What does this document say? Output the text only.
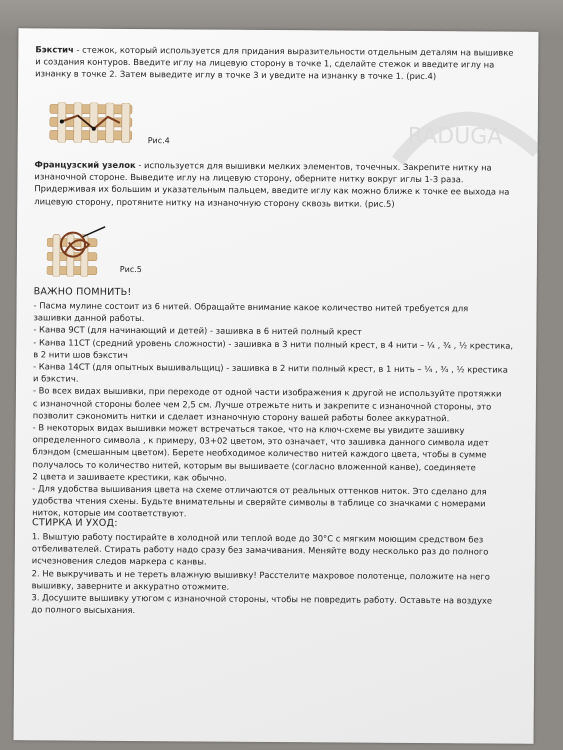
RADUGA
Бэкстич - стежок, который используется для придания выразительности отдельным деталям на вышивке
и создания контуров. Введите иглу на лицевую сторону в точке 1, сделайте стежок и введите иглу на
изнанку в точке 2. Затем выведите иглу в точке 3 и уведите на изнанку в точке 1. (рис.4)
Рис.4
Французский узелок - используется для вышивки мелких элементов, точечных. Закрепите нитку на
изнаночной стороне. Выведите иглу на лицевую сторону, оберните нитку вокруг иглы 1-3 раза.
Придерживая их большим и указательным пальцем, введите иглу как можно ближе к точке ее выхода на
лицевую сторону, протяните нитку на изнаночную сторону сквозь витки. (рис.5)
Рис.5
ВАЖНО ПОМНИТЬ!
- Пасма мулине состоит из 6 нитей. Обращайте внимание какое количество нитей требуется для
зашивки данной работы.
- Канва 9СТ (для начинающий и детей) - зашивка в 6 нитей полный крест
- Канва 11СТ (средний уровень сложности) - зашивка в 3 нити полный крест, в 4 нити – ¼ , ¾ , ½ крестика,
в 2 нити шов бэкстич
- Канва 14СТ (для опытных вышивальщиц) - зашивка в 2 нити полный крест, в 1 нить – ¼ , ¾ , ½ крестика
и бэкстич.
- Во всех видах вышивки, при переходе от одной части изображения к другой не используйте протяжки
с изнаночной стороны более чем 2,5 см. Лучше отрежьте нить и закрепите с изнаночной стороны, это
позволит сэкономить нитки и сделает изнаночную сторону вашей работы более аккуратной.
- В некоторых видах вышивки может встречаться такое, что на ключ-схеме вы увидите зашивку
определенного символа , к примеру, 03+02 цветом, это означает, что зашивка данного символа идет
блэндом (смешанным цветом). Берете необходимое количество нитей каждого цвета, чтобы в сумме
получалось то количество нитей, которым вы вышиваете (согласно вложенной канве), соединяете
2 цвета и зашиваете крестики, как обычно.
- Для удобства вышивания цвета на схеме отличаются от реальных оттенков ниток. Это сделано для
удобства чтения схены. Будьте внимательны и сверяйте символы в таблице со значками с номерами
ниток, которые им соответствуют.
СТИРКА И УХОД:
1. Выштую работу постирайте в холодной или теплой воде до 30°С с мягким моющим средством без
отбеливателей. Стирать работу надо сразу без замачивания. Меняйте воду несколько раз до полного
исчезновения следов маркера с канвы.
2. Не выкручивать и не тереть влажную вышивку! Расстелите махровое полотенце, положите на него
вышивку, заверните и аккуратно отожмите.
3. Досушите вышивку утюгом с изнаночной стороны, чтобы не повредить работу. Оставьте на воздухе
до полного высыхания.
